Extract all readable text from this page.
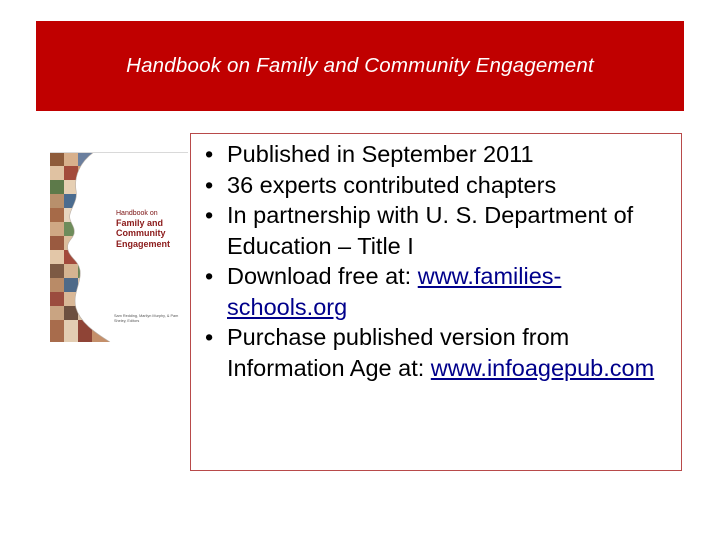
Handbook on Family and Community Engagement
Handbook on
Family and Community Engagement
Sam Redding, Marilyn Murphy, & Pam Sheley, Editors
• Published in September 2011
• 36 experts contributed chapters
• In partnership with U. S. Department of Education – Title I
• Download free at: www.families-schools.org
• Purchase published version from Information Age at: www.infoagepub.com
